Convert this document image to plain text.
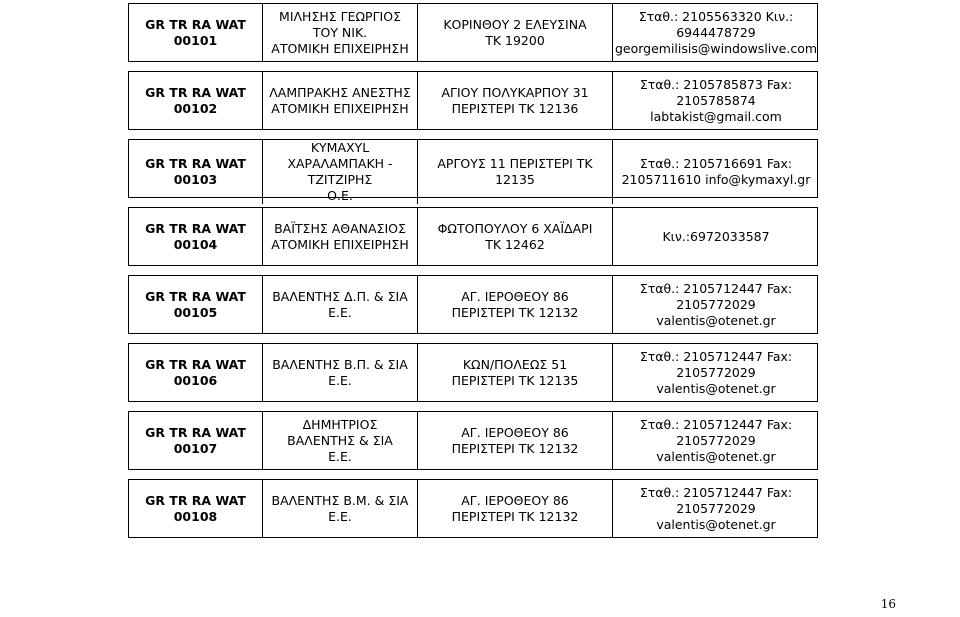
GR TR RA WAT
00101
ΜΙΛΗΣΗΣ ΓΕΩΡΓΙΟΣ ΤΟΥ ΝΙΚ.
ΑΤΟΜΙΚΗ ΕΠΙΧΕΙΡΗΣΗ
ΚΟΡΙΝΘΟΥ 2 ΕΛΕΥΣΙΝΑ
ΤΚ 19200
Σταθ.: 2105563320 Κιν.:
6944478729
georgemilisis@windowslive.com
GR TR RA WAT
00102
ΛΑΜΠΡΑΚΗΣ ΑΝΕΣΤΗΣ
ΑΤΟΜΙΚΗ ΕΠΙΧΕΙΡΗΣΗ
ΑΓΙΟΥ ΠΟΛΥΚΑΡΠΟΥ 31
ΠΕΡΙΣΤΕΡΙ ΤΚ 12136
Σταθ.: 2105785873 Fax:
2105785874 labtakist@gmail.com
GR TR RA WAT
00103
ΚΥΜΑΧΥL
ΧΑΡΑΛΑΜΠΑΚΗ - ΤΖΙΤΖΙΡΗΣ
Ο.Ε.
ΑΡΓΟΥΣ 11 ΠΕΡΙΣΤΕΡΙ ΤΚ
12135
Σταθ.: 2105716691 Fax:
2105711610 info@kymaxyl.gr
GR TR RA WAT
00104
ΒΑΪΤΣΗΣ ΑΘΑΝΑΣΙΟΣ
ΑΤΟΜΙΚΗ ΕΠΙΧΕΙΡΗΣΗ
ΦΩΤΟΠΟΥΛΟΥ 6 ΧΑΪΔΑΡΙ
ΤΚ 12462
Κιν.:6972033587
GR TR RA WAT
00105
ΒΑΛΕΝΤΗΣ Δ.Π. & ΣΙΑ Ε.Ε.
ΑΓ. ΙΕΡΟΘΕΟΥ 86
ΠΕΡΙΣΤΕΡΙ ΤΚ 12132
Σταθ.: 2105712447 Fax:
2105772029 valentis@otenet.gr
GR TR RA WAT
00106
ΒΑΛΕΝΤΗΣ Β.Π. & ΣΙΑ Ε.Ε.
ΚΩΝ/ΠΟΛΕΩΣ 51
ΠΕΡΙΣΤΕΡΙ ΤΚ 12135
Σταθ.: 2105712447 Fax:
2105772029 valentis@otenet.gr
GR TR RA WAT
00107
ΔΗΜΗΤΡΙΟΣ ΒΑΛΕΝΤΗΣ & ΣΙΑ
Ε.Ε.
ΑΓ. ΙΕΡΟΘΕΟΥ 86
ΠΕΡΙΣΤΕΡΙ ΤΚ 12132
Σταθ.: 2105712447 Fax:
2105772029 valentis@otenet.gr
GR TR RA WAT
00108
ΒΑΛΕΝΤΗΣ Β.Μ. & ΣΙΑ Ε.Ε.
ΑΓ. ΙΕΡΟΘΕΟΥ 86
ΠΕΡΙΣΤΕΡΙ ΤΚ 12132
Σταθ.: 2105712447 Fax:
2105772029 valentis@otenet.gr
16
